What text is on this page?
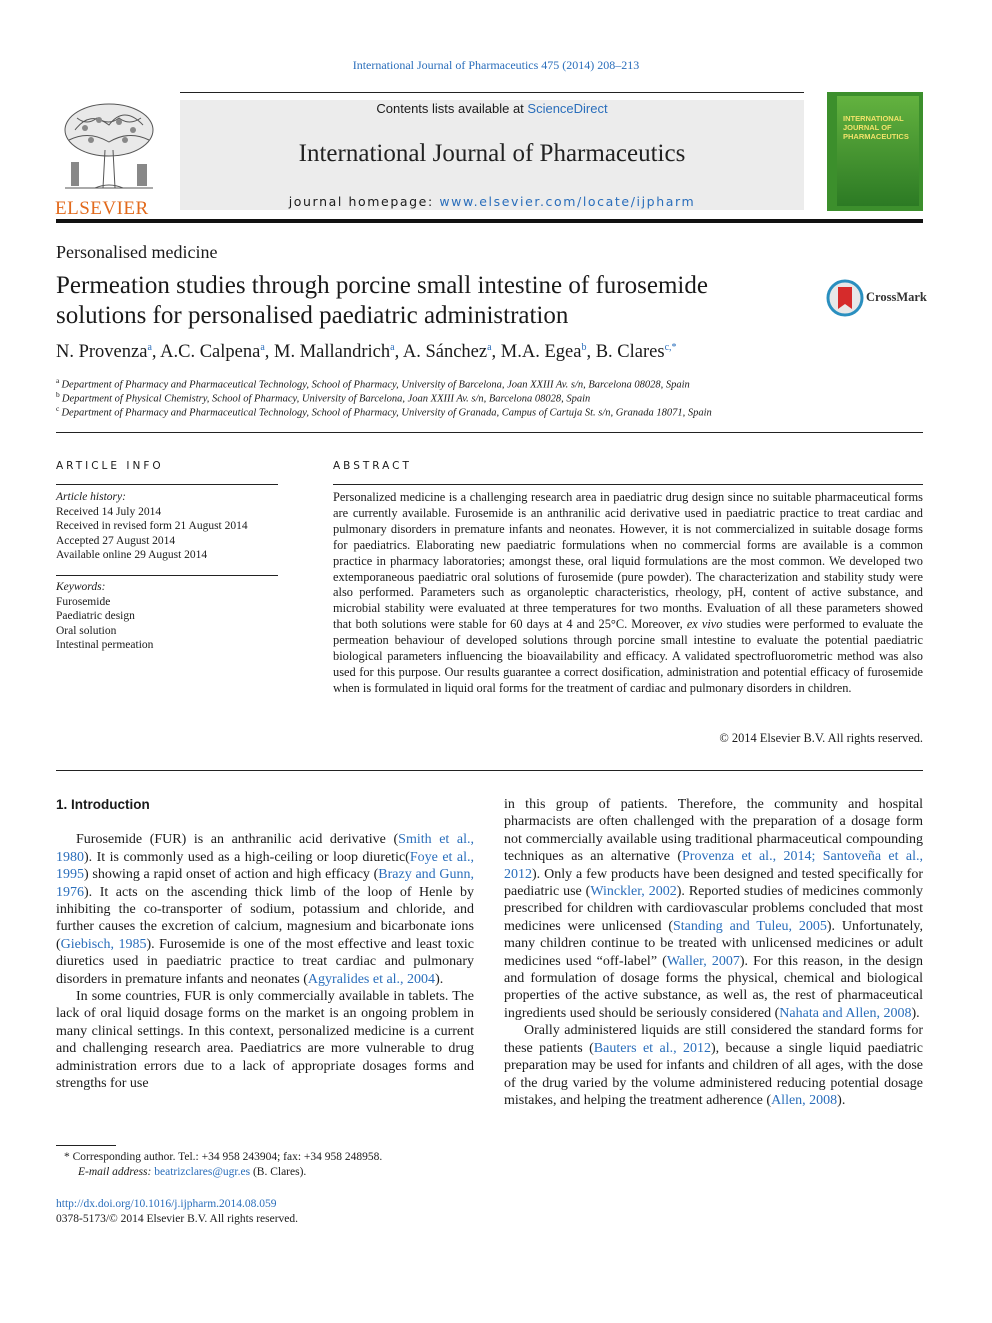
International Journal of Pharmaceutics 475 (2014) 208–213
ELSEVIER
Contents lists available at ScienceDirect
International Journal of Pharmaceutics
journal homepage: www.elsevier.com/locate/ijpharm
INTERNATIONAL JOURNAL OF PHARMACEUTICS
Personalised medicine
Permeation studies through porcine small intestine of furosemide
solutions for personalised paediatric administration
CrossMark
N. Provenza$^a$, A.C. Calpena$^a$, M. Mallandrich$^a$, A. Sánchez$^a$, M.A. Egea$^b$, B. Clares$^{c,*}$
$^a$  Department of Pharmacy and Pharmaceutical Technology, School of Pharmacy, University of Barcelona, Joan XXIII Av. s/n, Barcelona 08028, Spain
$^b$  Department of Physical Chemistry, School of Pharmacy, University of Barcelona, Joan XXIII Av. s/n, Barcelona 08028, Spain
$^c$  Department of Pharmacy and Pharmaceutical Technology, School of Pharmacy, University of Granada, Campus of Cartuja St. s/n, Granada 18071, Spain
ARTICLE INFO
Article history:
Received 14 July 2014
Received in revised form 21 August 2014
Accepted 27 August 2014
Available online 29 August 2014
Keywords:
Furosemide
Paediatric design
Oral solution
Intestinal permeation
ABSTRACT
Personalized medicine is a challenging research area in paediatric drug design since no suitable pharmaceutical forms are currently available. Furosemide is an anthranilic acid derivative used in paediatric practice to treat cardiac and pulmonary disorders in premature infants and neonates. However, it is not commercialized in suitable dosage forms for paediatrics. Elaborating new paediatric formulations when no commercial forms are available is a common practice in pharmacy laboratories; amongst these, oral liquid formulations are the most common. We developed two extemporaneous paediatric oral solutions of furosemide (pure powder). The characterization and stability study were also performed. Parameters such as organoleptic characteristics, rheology, pH, content of active substance, and microbial stability were evaluated at three temperatures for two months. Evaluation of all these parameters showed that both solutions were stable for 60 days at 4 and 25°C. Moreover, ex vivo studies were performed to evaluate the permeation behaviour of developed solutions through porcine small intestine to evaluate the potential paediatric biological parameters influencing the bioavailability and efficacy. A validated spectrofluorometric method was also used for this purpose. Our results guarantee a correct dosification, administration and potential efficacy of furosemide when is formulated in liquid oral forms for the treatment of cardiac and pulmonary disorders in children.
© 2014 Elsevier B.V. All rights reserved.
1. Introduction

Furosemide (FUR) is an anthranilic acid derivative (Smith et al., 1980). It is commonly used as a high-ceiling or loop diuretic(Foye et al., 1995) showing a rapid onset of action and high efficacy (Brazy and Gunn, 1976). It acts on the ascending thick limb of the loop of Henle by inhibiting the co-transporter of sodium, potassium and chloride, and further causes the excretion of calcium, magnesium and bicarbonate ions (Giebisch, 1985). Furosemide is one of the most effective and least toxic diuretics used in paediatric practice to treat cardiac and pulmonary disorders in premature infants and neonates (Agyralides et al., 2004).

In some countries, FUR is only commercially available in tablets. The lack of oral liquid dosage forms on the market is an ongoing problem in many clinical settings. In this context, personalized medicine is a current and challenging research area. Paediatrics are more vulnerable to drug administration errors due to a lack of appropriate dosages forms and strengths for use

in this group of patients. Therefore, the community and hospital pharmacists are often challenged with the preparation of a dosage form not commercially available using traditional pharmaceutical compounding techniques as an alternative (Provenza et al., 2014; Santoveña et al., 2012). Only a few products have been designed and tested specifically for paediatric use (Winckler, 2002). Reported studies of medicines commonly prescribed for children with cardiovascular problems concluded that most medicines were unlicensed (Standing and Tuleu, 2005). Unfortunately, many children continue to be treated with unlicensed medicines or adult medicines used “off-label” (Waller, 2007). For this reason, in the design and formulation of dosage forms the physical, chemical and biological properties of the active substance, as well as, the rest of pharmaceutical ingredients used should be seriously considered (Nahata and Allen, 2008).

Orally administered liquids are still considered the standard forms for these patients (Bauters et al., 2012), because a single liquid paediatric preparation may be used for infants and children of all ages, with the dose of the drug varied by the volume administered reducing potential dosage mistakes, and helping the treatment adherence (Allen, 2008).

* Corresponding author. Tel.: +34 958 243904; fax: +34 958 248958.
E-mail address: beatrizclares@ugr.es (B. Clares).
http://dx.doi.org/10.1016/j.ijpharm.2014.08.059
0378-5173/© 2014 Elsevier B.V. All rights reserved.
